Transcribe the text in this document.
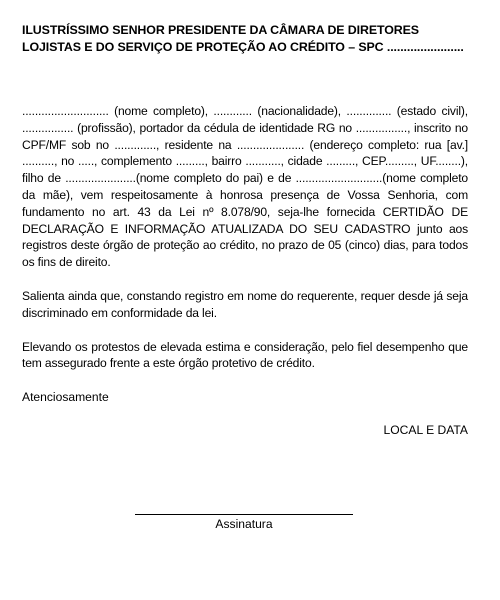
ILUSTRÍSSIMO SENHOR PRESIDENTE DA CÂMARA DE DIRETORES LOJISTAS E DO SERVIÇO DE PROTEÇÃO AO CRÉDITO – SPC .......................

........................... (nome completo), ............ (nacionalidade), .............. (estado civil), ................ (profissão), portador da cédula de identidade RG no ................, inscrito no CPF/MF sob no ............., residente na ..................... (endereço completo: rua [av.] .........., no ....., complemento ........., bairro ..........., cidade ........., CEP........., UF........), filho de ......................(nome completo do pai) e de ...........................(nome completo da mãe), vem respeitosamente à honrosa presença de Vossa Senhoria, com fundamento no art. 43 da Lei nº 8.078/90, seja-lhe fornecida CERTIDÃO DE DECLARAÇÃO E INFORMAÇÃO ATUALIZADA DO SEU CADASTRO junto aos registros deste órgão de proteção ao crédito, no prazo de 05 (cinco) dias, para todos os fins de direito.

Salienta ainda que, constando registro em nome do requerente, requer desde já seja discriminado em conformidade da lei.

Elevando os protestos de elevada estima e consideração, pelo fiel desempenho que tem assegurado frente a este órgão protetivo de crédito.

Atenciosamente

LOCAL E DATA

Assinatura
